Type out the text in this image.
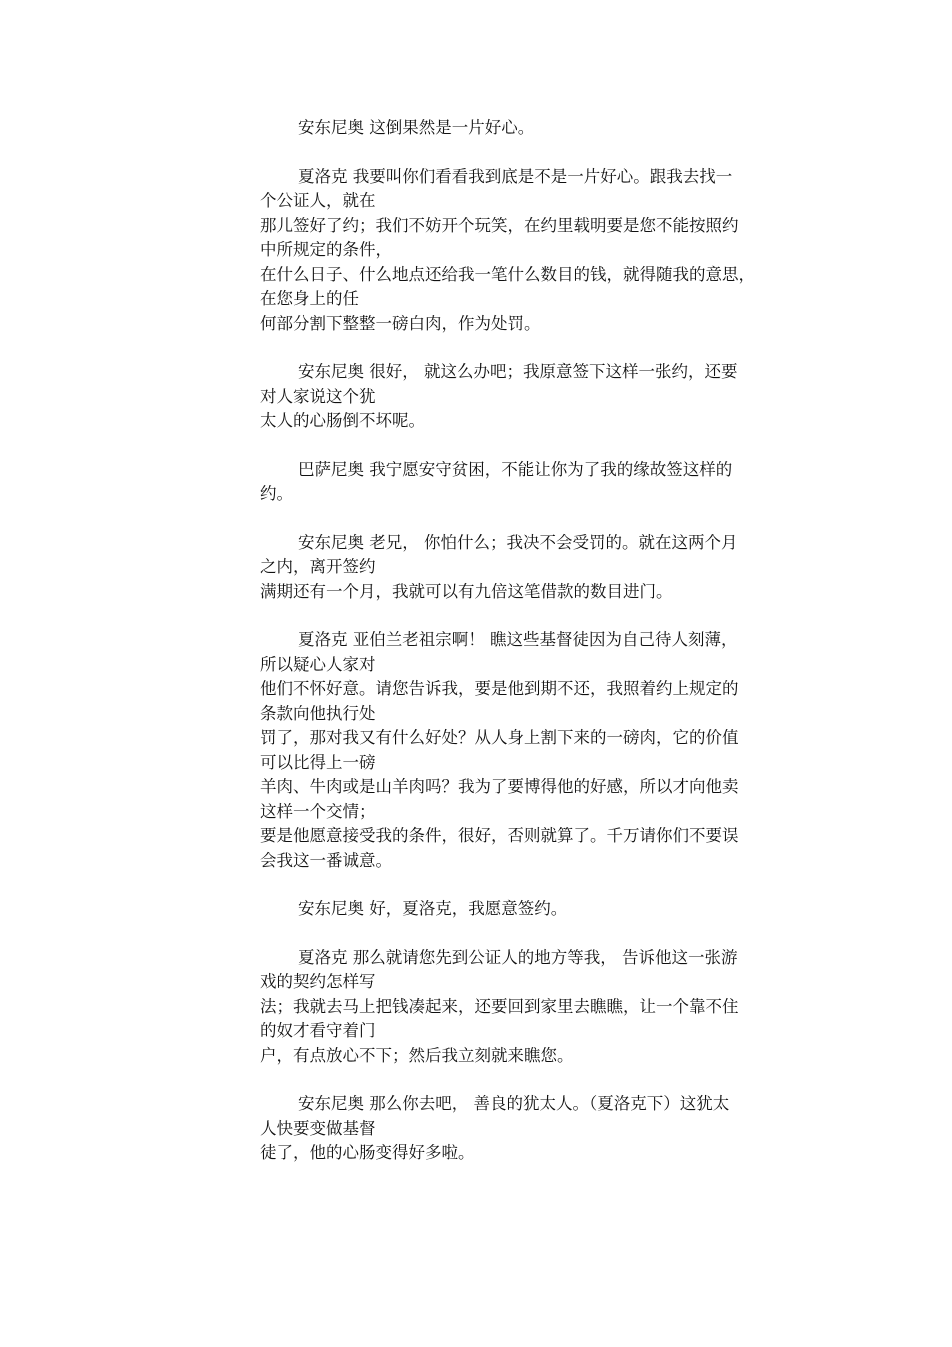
安东尼奥 这倒果然是一片好心。

夏洛克 我要叫你们看看我到底是不是一片好心。跟我去找一
个公证人，就在
那儿签好了约；我们不妨开个玩笑，在约里载明要是您不能按照约
中所规定的条件，
在什么日子、什么地点还给我一笔什么数目的钱，就得随我的意思，
在您身上的任
何部分割下整整一磅白肉，作为处罚。

安东尼奥 很好， 就这么办吧；我原意签下这样一张约，还要
对人家说这个犹
太人的心肠倒不坏呢。

巴萨尼奥 我宁愿安守贫困，不能让你为了我的缘故签这样的
约。

安东尼奥 老兄， 你怕什么；我决不会受罚的。就在这两个月
之内，离开签约
满期还有一个月，我就可以有九倍这笔借款的数目进门。

夏洛克 亚伯兰老祖宗啊！ 瞧这些基督徒因为自己待人刻薄，
所以疑心人家对
他们不怀好意。请您告诉我，要是他到期不还，我照着约上规定的
条款向他执行处
罚了，那对我又有什么好处？从人身上割下来的一磅肉，它的价值
可以比得上一磅
羊肉、牛肉或是山羊肉吗？我为了要博得他的好感，所以才向他卖
这样一个交情；
要是他愿意接受我的条件，很好，否则就算了。千万请你们不要误
会我这一番诚意。

安东尼奥 好，夏洛克，我愿意签约。

夏洛克 那么就请您先到公证人的地方等我， 告诉他这一张游
戏的契约怎样写
法；我就去马上把钱凑起来，还要回到家里去瞧瞧，让一个靠不住
的奴才看守着门
户，有点放心不下；然后我立刻就来瞧您。

安东尼奥 那么你去吧， 善良的犹太人。（夏洛克下）这犹太
人快要变做基督
徒了，他的心肠变得好多啦。
